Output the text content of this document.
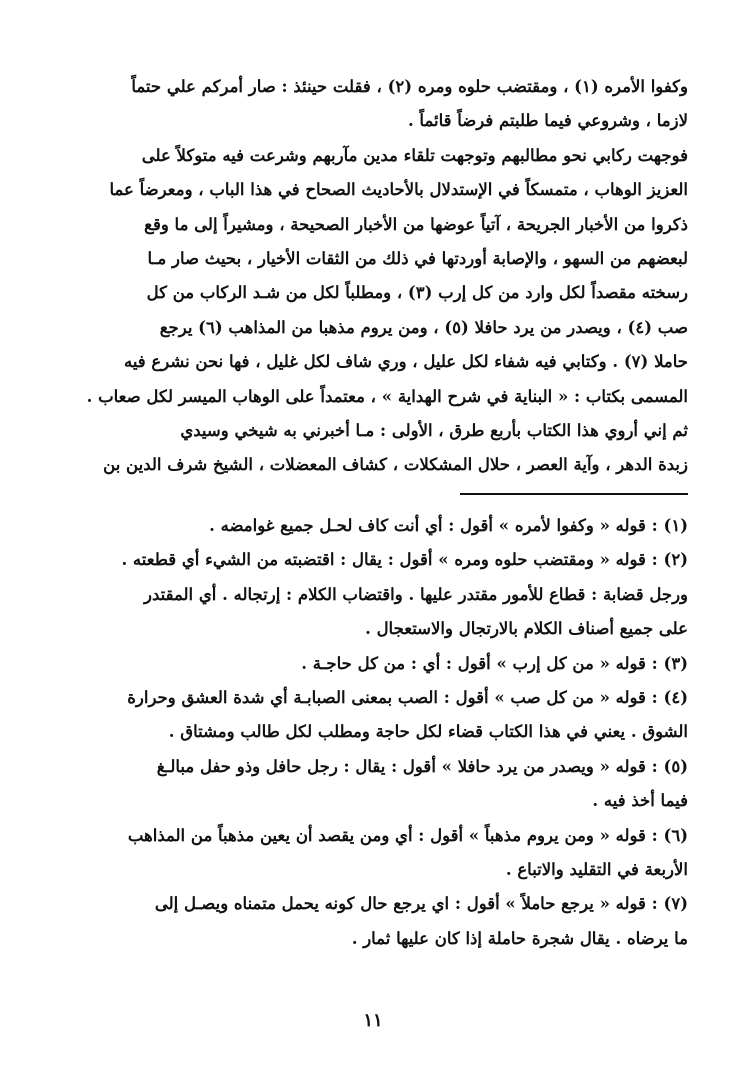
وكفوا الأمره (١) ، ومقتضب حلوه ومره (٢) ، فقلت حينئذ : صار أمركم علي حتماً

لازما ، وشروعي فيما طلبتم فرضاً قائماً .

فوجهت ركابي نحو مطالبهم وتوجهت تلقاء مدين مآربهم وشرعت فيه متوكلاً على

العزيز الوهاب ، متمسكاً في الإستدلال بالأحاديث الصحاح في هذا الباب ، ومعرضاً عما

ذكروا من الأخبار الجريحة ، آتياً عوضها من الأخبار الصحيحة ، ومشيراً إلى ما وقع

لبعضهم من السهو ، والإصابة أوردتها في ذلك من الثقات الأخيار ، بحيث صار مـا

رسخته مقصداً لكل وارد من كل إرب (٣) ، ومطلباً لكل من شـد الركاب من كل

صب (٤) ، ويصدر من يرد حافلا (٥) ، ومن يروم مذهبا من المذاهب (٦) يرجع

حاملا (٧) . وكتابي فيه شفاء لكل عليل ، وري شاف لكل غليل ، فها نحن نشرع فيه

المسمى بكتاب : « البناية في شرح الهداية » ، معتمداً على الوهاب الميسر لكل صعاب .

ثم إني أروي هذا الكتاب بأربع طرق ، الأولى : مـا أخبرني به شيخي وسيدي

زبدة الدهر ، وآية العصر ، حلال المشكلات ، كشاف المعضلات ، الشيخ شرف الدين بن

(١) : قوله « وكفوا لأمره » أقول : أي أنت كاف لحـل جميع غوامضه .

(٢) : قوله « ومقتضب حلوه ومره » أقول : يقال : اقتضبته من الشيء أي قطعته .

ورجل قضابة : قطاع للأمور مقتدر عليها . واقتضاب الكلام : إرتجاله . أي المقتدر

على جميع أصناف الكلام بالارتجال والاستعجال .

(٣) : قوله « من كل إرب » أقول : أي : من كل حاجـة .

(٤) : قوله « من كل صب » أقول : الصب بمعنى الصبابـة أي شدة العشق وحرارة

الشوق . يعني في هذا الكتاب قضاء لكل حاجة ومطلب لكل طالب ومشتاق .

(٥) : قوله « ويصدر من يرد حافلا » أقول : يقال : رجل حافل وذو حفل مبالـغ

فيما أخذ فيه .

(٦) : قوله « ومن يروم مذهباً » أقول : أي ومن يقصد أن يعين مذهباً من المذاهب

الأربعة في التقليد والاتباع .

(٧) : قوله « يرجع حاملاً » أقول : اي يرجع حال كونه يحمل متمناه ويصـل إلى

ما يرضاه . يقال شجرة حاملة إذا كان عليها ثمار .

١١
